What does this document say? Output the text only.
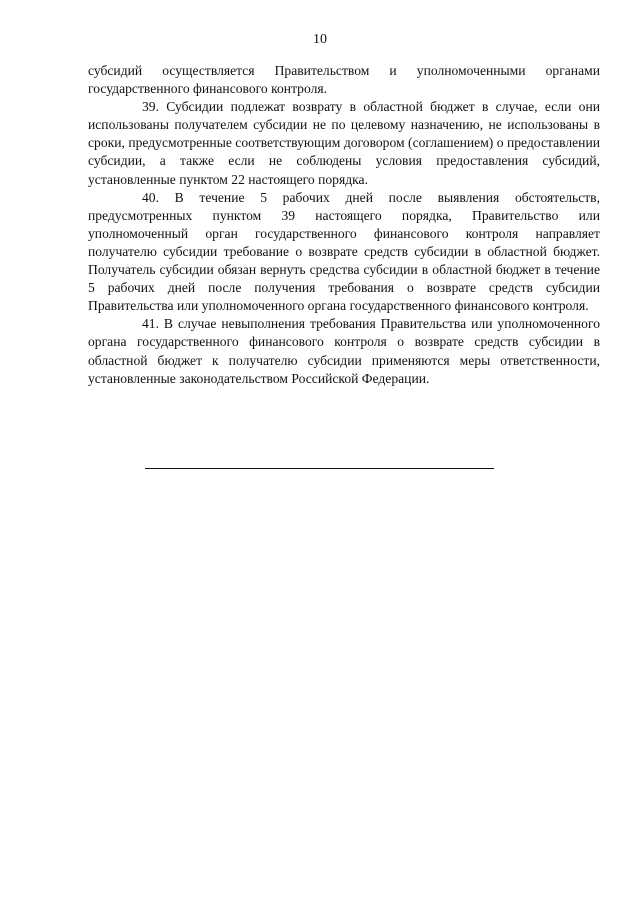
10

субсидий осуществляется Правительством и уполномоченными органами государственного финансового контроля.

39. Субсидии подлежат возврату в областной бюджет в случае, если они использованы получателем субсидии не по целевому назначению, не использованы в сроки, предусмотренные соответствующим договором (соглашением) о предоставлении субсидии, а также если не соблюдены условия предоставления субсидий, установленные пунктом 22 настоящего порядка.

40. В течение 5 рабочих дней после выявления обстоятельств, предусмотренных пунктом 39 настоящего порядка, Правительство или уполномоченный орган государственного финансового контроля направляет получателю субсидии требование о возврате средств субсидии в областной бюджет. Получатель субсидии обязан вернуть средства субсидии в областной бюджет в течение 5 рабочих дней после получения требования о возврате средств субсидии Правительства или уполномоченного органа государственного финансового контроля.

41. В случае невыполнения требования Правительства или уполномоченного органа государственного финансового контроля о возврате средств субсидии в областной бюджет к получателю субсидии применяются меры ответственности, установленные законодательством Российской Федерации.
